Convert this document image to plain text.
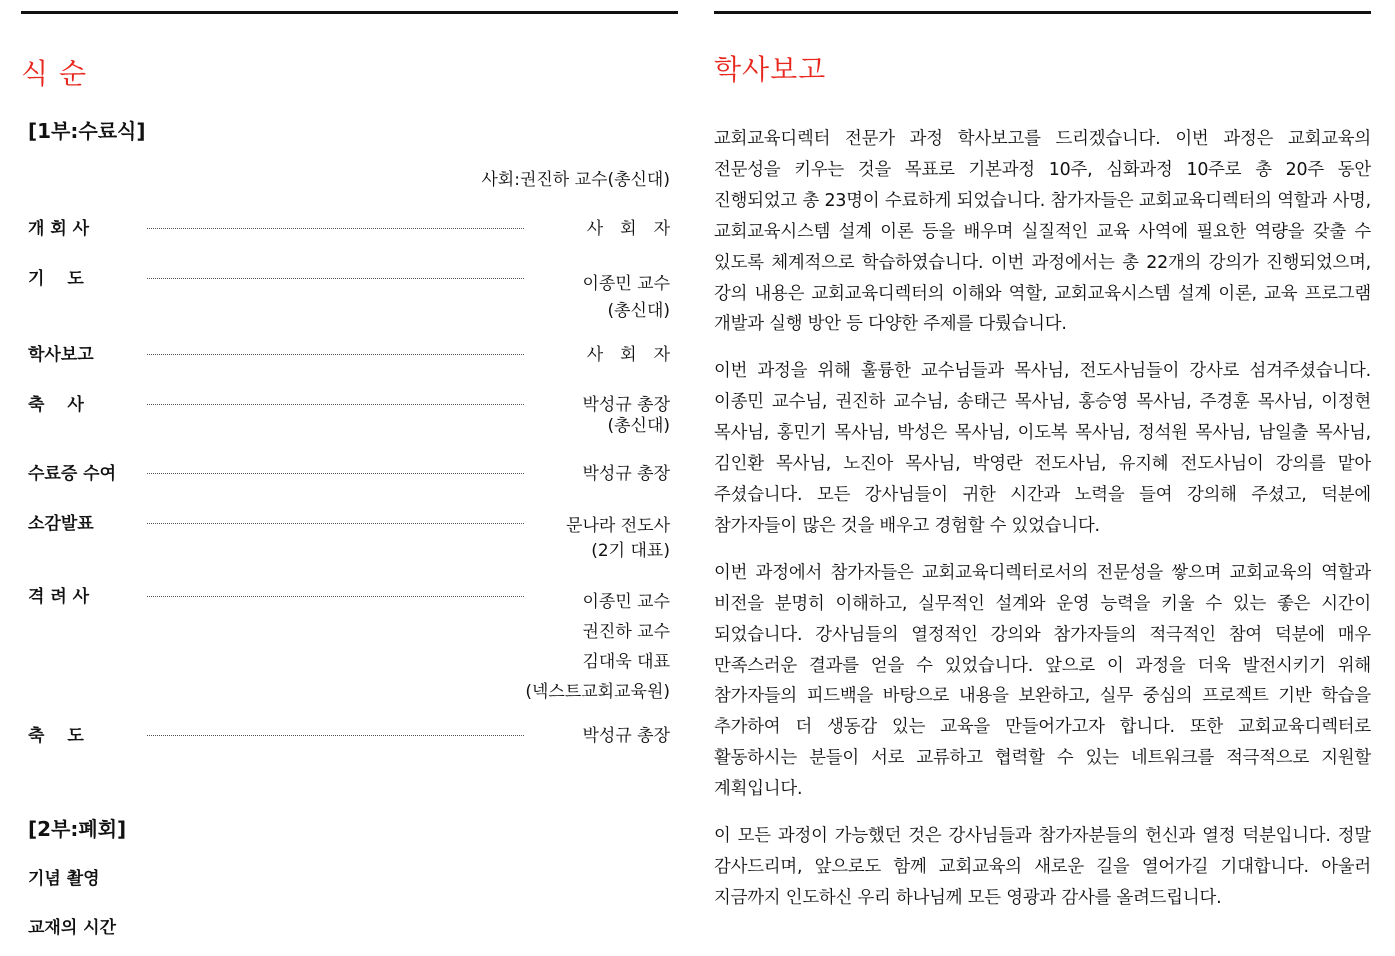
식 순
[1부:수료식]
사회:권진하 교수(총신대)
개 회 사	사　회　자
기　 도	이종민 교수
(총신대)
학사보고	사　회　자
축　 사	박성규 총장
(총신대)
수료증 수여	박성규 총장
소감발표	문나라 전도사
(2기 대표)
격 려 사	이종민 교수
권진하 교수
김대욱 대표
(넥스트교회교육원)
축　 도	박성규 총장
[2부:폐회]
기념 촬영
교재의 시간
학사보고

교회교육디렉터 전문가 과정 학사보고를 드리겠습니다. 이번 과정은 교회교육의 전문성을 키우는 것을 목표로 기본과정 10주, 심화과정 10주로 총 20주 동안 진행되었고 총 23명이 수료하게 되었습니다. 참가자들은 교회교육디렉터의 역할과 사명, 교회교육시스템 설계 이론 등을 배우며 실질적인 교육 사역에 필요한 역량을 갖출 수 있도록 체계적으로 학습하였습니다. 이번 과정에서는 총 22개의 강의가 진행되었으며, 강의 내용은 교회교육디렉터의 이해와 역할, 교회교육시스템 설계 이론, 교육 프로그램 개발과 실행 방안 등 다양한 주제를 다뤘습니다.

이번 과정을 위해 훌륭한 교수님들과 목사님, 전도사님들이 강사로 섬겨주셨습니다. 이종민 교수님, 권진하 교수님, 송태근 목사님, 홍승영 목사님, 주경훈 목사님, 이정현 목사님, 홍민기 목사님, 박성은 목사님, 이도복 목사님, 정석원 목사님, 남일출 목사님, 김인환 목사님, 노진아 목사님, 박영란 전도사님, 유지혜 전도사님이 강의를 맡아 주셨습니다. 모든 강사님들이 귀한 시간과 노력을 들여 강의해 주셨고, 덕분에 참가자들이 많은 것을 배우고 경험할 수 있었습니다.

이번 과정에서 참가자들은 교회교육디렉터로서의 전문성을 쌓으며 교회교육의 역할과 비전을 분명히 이해하고, 실무적인 설계와 운영 능력을 키울 수 있는 좋은 시간이 되었습니다. 강사님들의 열정적인 강의와 참가자들의 적극적인 참여 덕분에 매우 만족스러운 결과를 얻을 수 있었습니다. 앞으로 이 과정을 더욱 발전시키기 위해 참가자들의 피드백을 바탕으로 내용을 보완하고, 실무 중심의 프로젝트 기반 학습을 추가하여 더 생동감 있는 교육을 만들어가고자 합니다. 또한 교회교육디렉터로 활동하시는 분들이 서로 교류하고 협력할 수 있는 네트워크를 적극적으로 지원할 계획입니다.

이 모든 과정이 가능했던 것은 강사님들과 참가자분들의 헌신과 열정 덕분입니다. 정말 감사드리며, 앞으로도 함께 교회교육의 새로운 길을 열어가길 기대합니다. 아울러 지금까지 인도하신 우리 하나님께 모든 영광과 감사를 올려드립니다.
